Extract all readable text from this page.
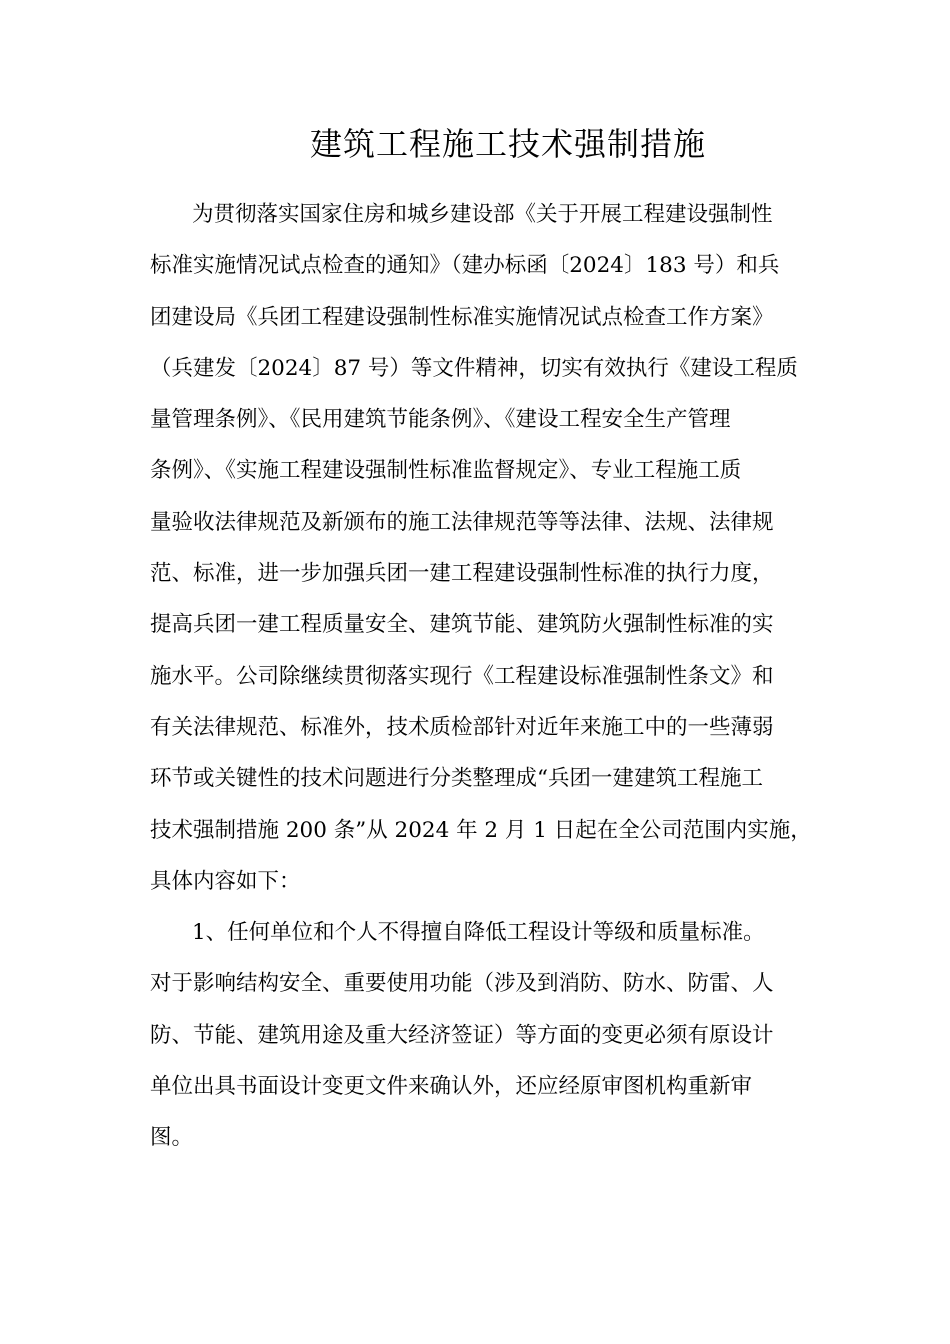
建筑工程施工技术强制措施
为贯彻落实国家住房和城乡建设部《关于开展工程建设强制性
标准实施情况试点检查的通知》（建办标函〔2024〕183 号）和兵
团建设局《兵团工程建设强制性标准实施情况试点检查工作方案》
（兵建发〔2024〕87 号）等文件精神，切实有效执行《建设工程质
量管理条例》、《民用建筑节能条例》、《建设工程安全生产管理
条例》、《实施工程建设强制性标准监督规定》、专业工程施工质
量验收法律规范及新颁布的施工法律规范等等法律、法规、法律规
范、标准，进一步加强兵团一建工程建设强制性标准的执行力度，
提高兵团一建工程质量安全、建筑节能、建筑防火强制性标准的实
施水平。公司除继续贯彻落实现行《工程建设标准强制性条文》和
有关法律规范、标准外，技术质检部针对近年来施工中的一些薄弱
环节或关键性的技术问题进行分类整理成“兵团一建建筑工程施工
技术强制措施 200 条”从 2024 年 2 月 1 日起在全公司范围内实施，
具体内容如下：
1、任何单位和个人不得擅自降低工程设计等级和质量标准。
对于影响结构安全、重要使用功能（涉及到消防、防水、防雷、人
防、节能、建筑用途及重大经济签证）等方面的变更必须有原设计
单位出具书面设计变更文件来确认外，还应经原审图机构重新审
图。
